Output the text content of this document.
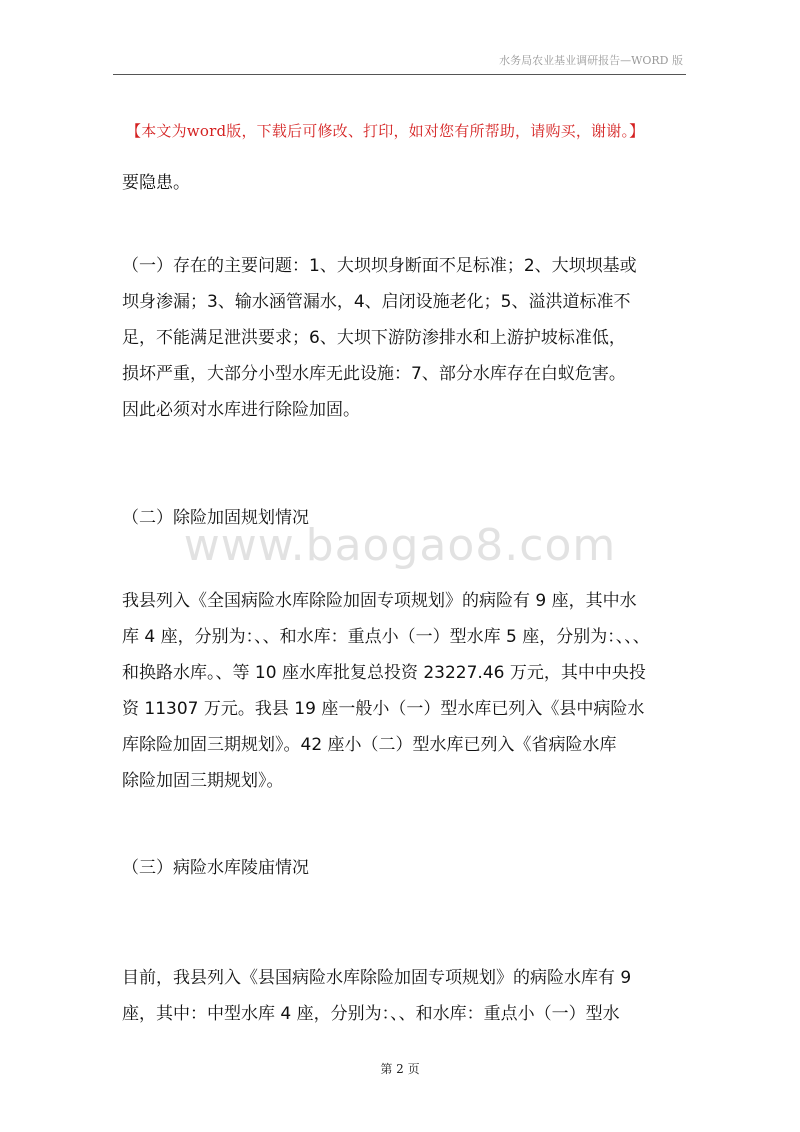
水务局农业基业调研报告—WORD 版
【本文为word版，下载后可修改、打印，如对您有所帮助，请购买，谢谢。】
www.baogao8.com

要隐患。

（一）存在的主要问题：1、大坝坝身断面不足标准；2、大坝坝基或
坝身渗漏；3、输水涵管漏水，4、启闭设施老化；5、溢洪道标准不
足，不能满足泄洪要求；6、大坝下游防渗排水和上游护坡标准低，
损坏严重，大部分小型水库无此设施：7、部分水库存在白蚁危害。
因此必须对水库进行除险加固。

（二）除险加固规划情况

我县列入《全国病险水库除险加固专项规划》的病险有 9 座，其中水
库 4 座，分别为：、、和水库：重点小（一）型水库 5 座，分别为：、、、
和换路水库。、等 10 座水库批复总投资 23227.46 万元，其中中央投
资 11307 万元。我县 19 座一般小（一）型水库已列入《县中病险水
库除险加固三期规划》。42 座小（二）型水库已列入《省病险水库
除险加固三期规划》。

（三）病险水库陵庙情况

目前，我县列入《县国病险水库除险加固专项规划》的病险水库有 9
座，其中：中型水库 4 座，分别为：、、和水库：重点小（一）型水

第 2 页
